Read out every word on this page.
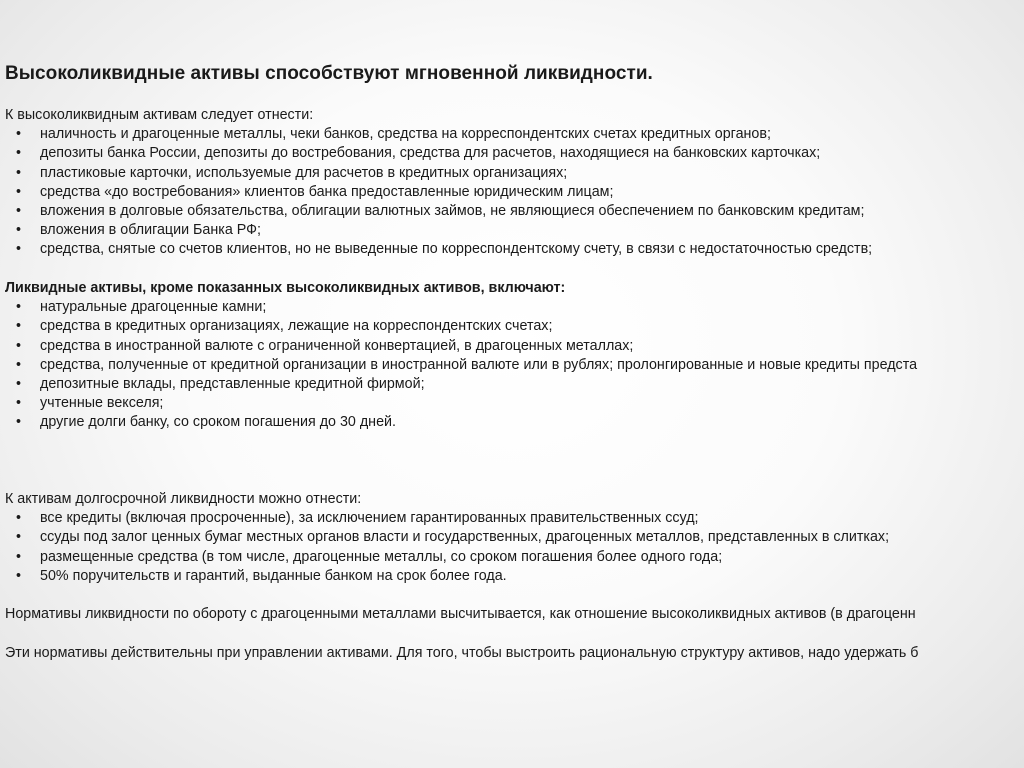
Высоколиквидные активы способствуют мгновенной ликвидности.

К высоколиквидным активам следует отнести:

• наличность и драгоценные металлы, чеки банков, средства на корреспондентских счетах кредитных органов;
• депозиты банка России, депозиты до востребования, средства для расчетов, находящиеся на банковских карточках;
• пластиковые карточки, используемые для расчетов в кредитных организациях;
• средства «до востребования» клиентов банка предоставленные юридическим лицам;
• вложения в долговые обязательства, облигации валютных займов, не являющиеся обеспечением по банковским кредитам;
• вложения в облигации Банка РФ;
• средства, снятые со счетов клиентов, но не выведенные по корреспондентскому счету, в связи с недостаточностью средств;

Ликвидные активы, кроме показанных высоколиквидных активов, включают:

• натуральные драгоценные камни;
• средства в кредитных организациях, лежащие на корреспондентских счетах;
• средства в иностранной валюте с ограниченной конвертацией, в драгоценных металлах;
• средства, полученные от кредитной организации в иностранной валюте или в рублях; пролонгированные и новые кредиты предста
• депозитные вклады, представленные кредитной фирмой;
• учтенные векселя;
• другие долги банку, со сроком погашения до 30 дней.

К активам долгосрочной ликвидности можно отнести:

• все кредиты (включая просроченные), за исключением гарантированных правительственных ссуд;
• ссуды под залог ценных бумаг местных органов власти и государственных, драгоценных металлов, представленных в слитках;
• размещенные средства (в том числе, драгоценные металлы, со сроком погашения более одного года;
• 50% поручительств и гарантий, выданные банком на срок более года.
Нормативы ликвидности по обороту с драгоценными металлами высчитывается, как отношение высоколиквидных активов (в драгоценн
Эти нормативы действительны при управлении активами. Для того, чтобы выстроить рациональную структуру активов, надо удержать б
